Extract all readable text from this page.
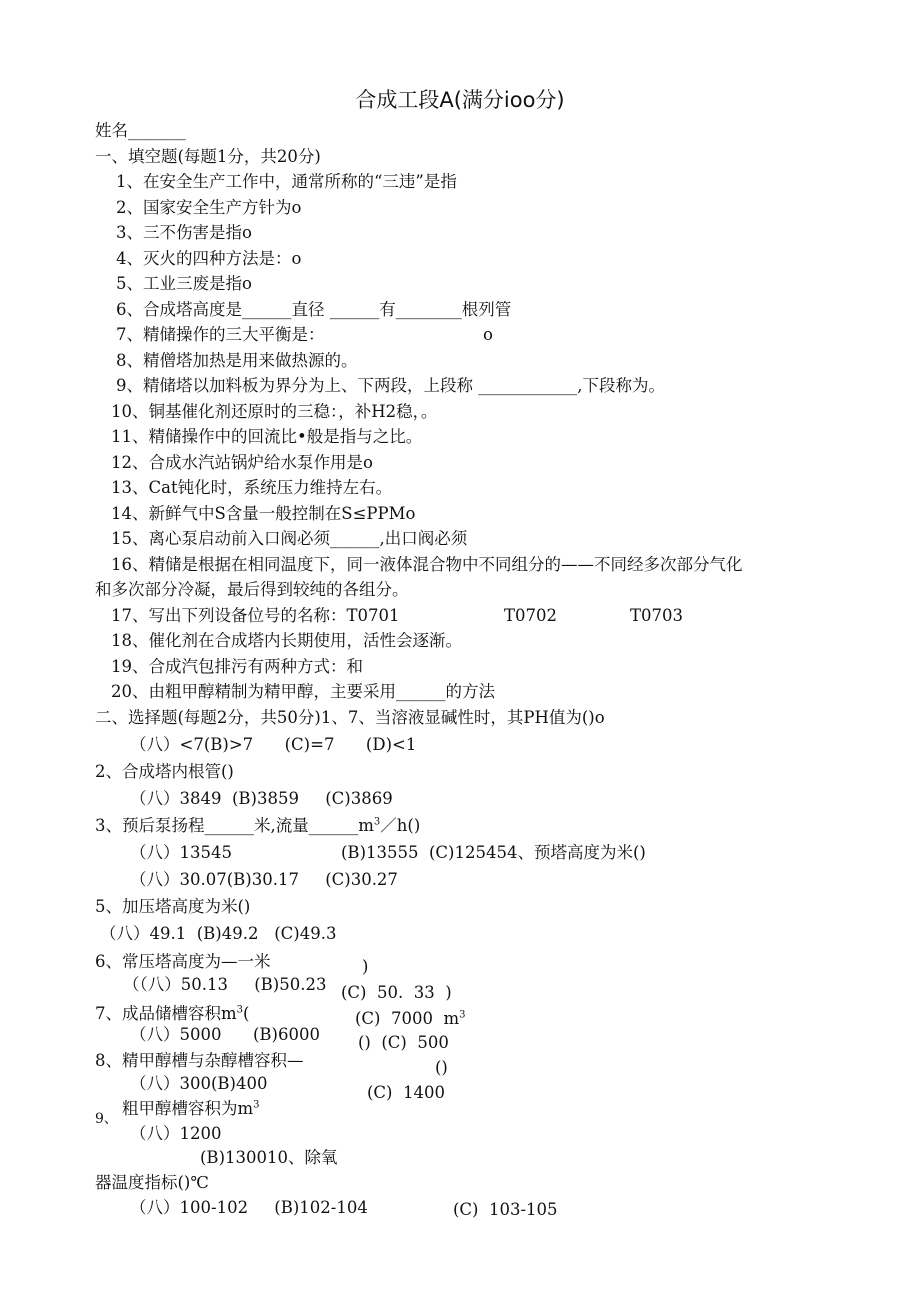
合成工段A(满分ioo分)
姓名_______
一、填空题(每题1分，共20分)
1、在安全生产工作中，通常所称的“三违”是指
2、国家安全生产方针为o
3、三不伤害是指o
4、灭火的四种方法是：o
5、工业三废是指o
6、合成塔高度是______直径 ______有________根列管
7、精储操作的三大平衡是：	o
8、精僧塔加热是用来做热源的。
9、精储塔以加料板为界分为上、下两段，上段称 ____________,下段称为。
10、铜基催化剂还原时的三稳：，补H2稳，。
11、精储操作中的回流比•般是指与之比。
12、合成水汽站锅炉给水泵作用是o
13、Cat钝化时，系统压力维持左右。
14、新鲜气中S含量一般控制在S≤PPMo
15、离心泵启动前入口阀必须______,出口阀必须
16、精储是根据在相同温度下，同一液体混合物中不同组分的——不同经多次部分气化
和多次部分冷凝，最后得到较纯的各组分。
17、写出下列设备位号的名称：T0701	T0702	T0703
18、催化剂在合成塔内长期使用，活性会逐渐。
19、合成汽包排污有两种方式：和
20、由粗甲醇精制为精甲醇，主要采用______的方法
二、选择题(每题2分，共50分)1、7、当溶液显碱性时，其PH值为()o
（八）<7(B)>7      (C)=7      (D)<1
2、合成塔内根管()
（八）3849  (B)3859     (C)3869
3、预后泵扬程______米,流量$\_\_\_\_\_\_m^3/h()$
（八）13545	(B)13555  (C)125454、预塔高度为米()
（八）30.07(B)30.17     (C)30.27
5、加压塔高度为米()
（八）49.1  (B)49.2   (C)49.3
6、常压塔高度为—一米	)
（（八）50.13     (B)50.23 (C)  50.  33  )
7、成品储槽容积$m^3$(	(C)  7000  $m^3$
（八）5000      (B)6000 ()  (C)  500
8、精甲醇槽与杂醇槽容积—	()
（八）300(B)400	(C)  1400
9、
粗甲醇槽容积为$m^3$
（八）1200
(B)130010、除氧
器温度指标()℃
（八）100-102     (B)102-104	(C)  103-105
